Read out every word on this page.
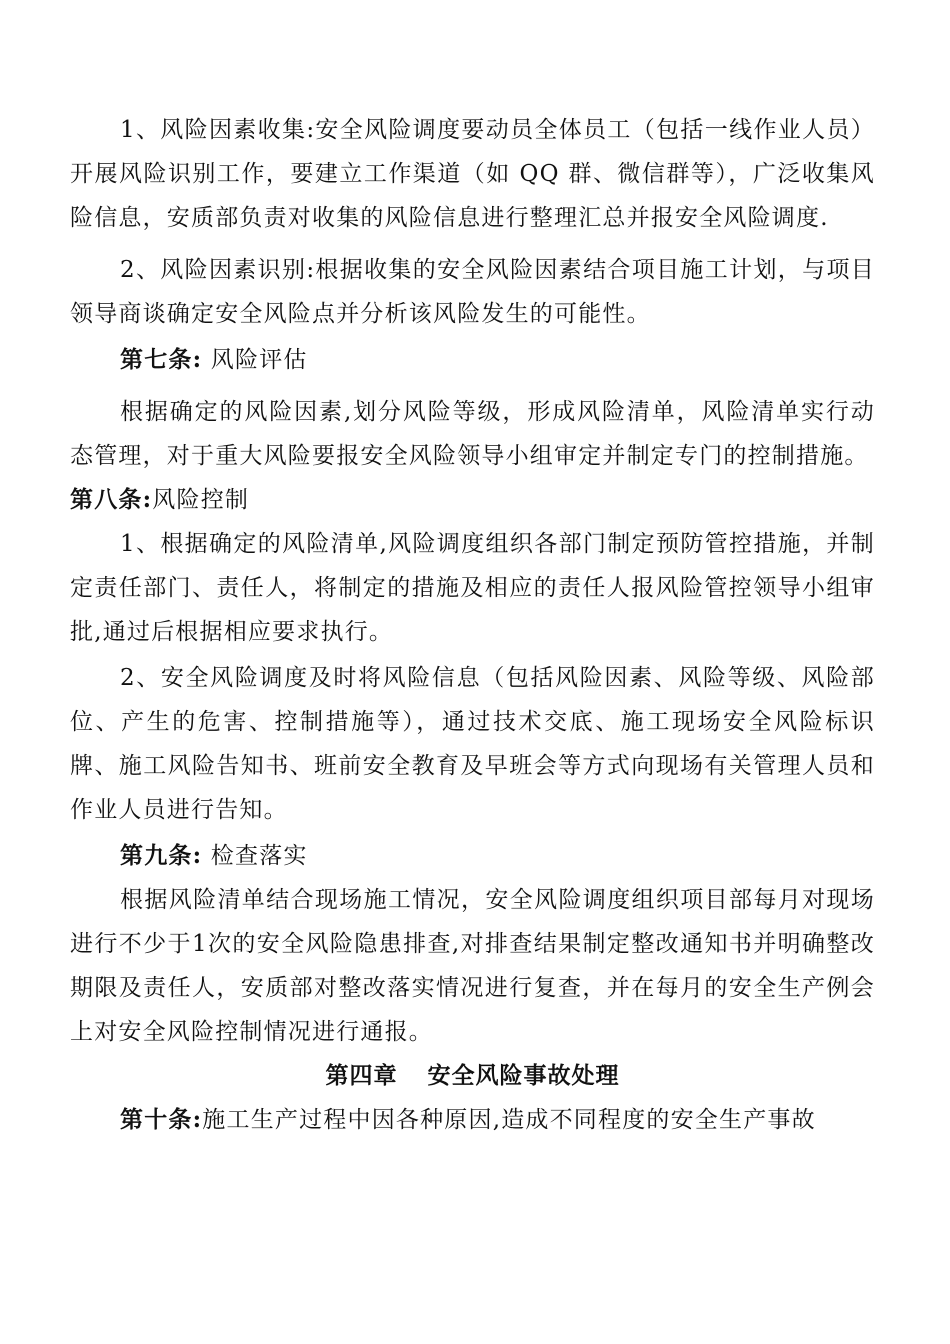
1、风险因素收集:安全风险调度要动员全体员工（包括一线作业人员）开展风险识别工作，要建立工作渠道（如 QQ 群、微信群等），广泛收集风险信息，安质部负责对收集的风险信息进行整理汇总并报安全风险调度.

2、风险因素识别:根据收集的安全风险因素结合项目施工计划，与项目领导商谈确定安全风险点并分析该风险发生的可能性。

第七条: 风险评估

根据确定的风险因素,划分风险等级，形成风险清单，风险清单实行动态管理，对于重大风险要报安全风险领导小组审定并制定专门的控制措施。

第八条:风险控制

1、根据确定的风险清单,风险调度组织各部门制定预防管控措施，并制定责任部门、责任人，将制定的措施及相应的责任人报风险管控领导小组审批,通过后根据相应要求执行。

2、安全风险调度及时将风险信息（包括风险因素、风险等级、风险部位、产生的危害、控制措施等），通过技术交底、施工现场安全风险标识牌、施工风险告知书、班前安全教育及早班会等方式向现场有关管理人员和作业人员进行告知。

第九条: 检查落实

根据风险清单结合现场施工情况，安全风险调度组织项目部每月对现场进行不少于1次的安全风险隐患排查,对排查结果制定整改通知书并明确整改期限及责任人，安质部对整改落实情况进行复查，并在每月的安全生产例会上对安全风险控制情况进行通报。

第四章 安全风险事故处理

第十条:施工生产过程中因各种原因,造成不同程度的安全生产事故
